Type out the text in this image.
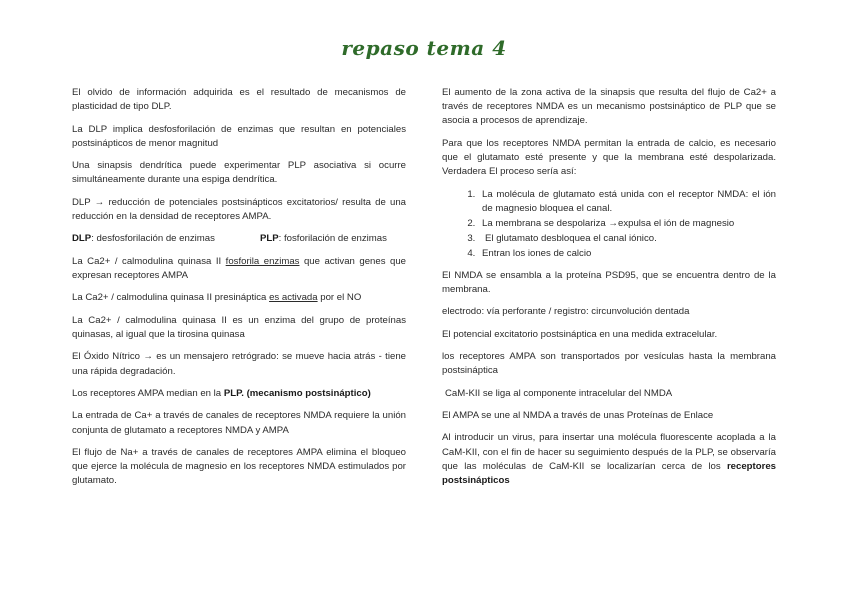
repaso tema 4

El olvido de información adquirida es el resultado de mecanismos de plasticidad de tipo DLP.

La DLP implica desfosforilación de enzimas que resultan en potenciales postsinápticos de menor magnitud

Una sinapsis dendrítica puede experimentar PLP asociativa si ocurre simultáneamente durante una espiga dendrítica.

DLP → reducción de potenciales postsinápticos excitatorios/ resulta de una reducción en la densidad de receptores AMPA.

DLP: desfosforilación de enzimas	PLP: fosforilación de enzimas

La Ca2+ / calmodulina quinasa II fosforila enzimas que activan genes que expresan receptores AMPA

La Ca2+ / calmodulina quinasa II presináptica es activada por el NO

La Ca2+ / calmodulina quinasa II es un enzima del grupo de proteínas quinasas, al igual que la tirosina quinasa

El Óxido Nítrico → es un mensajero retrógrado: se mueve hacia atrás - tiene una rápida degradación.

Los receptores AMPA median en la PLP. (mecanismo postsináptico)

La entrada de Ca+ a través de canales de receptores NMDA requiere la unión conjunta de glutamato a receptores NMDA y AMPA

El flujo de Na+ a través de canales de receptores AMPA elimina el bloqueo que ejerce la molécula de magnesio en los receptores NMDA estimulados por glutamato.

El aumento de la zona activa de la sinapsis que resulta del flujo de Ca2+ a través de receptores NMDA es un mecanismo postsináptico de PLP que se asocia a procesos de aprendizaje.

Para que los receptores NMDA permitan la entrada de calcio, es necesario que el glutamato esté presente y que la membrana esté despolarizada. Verdadera El proceso sería así:

1. La molécula de glutamato está unida con el receptor NMDA: el ión de magnesio bloquea el canal.
2. La membrana se despolariza →expulsa el ión de magnesio
3. El glutamato desbloquea el canal iónico.
4. Entran los iones de calcio

El NMDA se ensambla a la proteína PSD95, que se encuentra dentro de la membrana.

electrodo: vía perforante / registro: circunvolución dentada

El potencial excitatorio postsináptica en una medida extracelular.

los receptores AMPA son transportados por vesículas hasta la membrana postsináptica

CaM-KII se liga al componente intracelular del NMDA

El AMPA se une al NMDA a través de unas Proteínas de Enlace

Al introducir un virus, para insertar una molécula fluorescente acoplada a la CaM-KII, con el fin de hacer su seguimiento después de la PLP, se observaría que las moléculas de CaM-KII se localizarían cerca de los receptores postsinápticos
